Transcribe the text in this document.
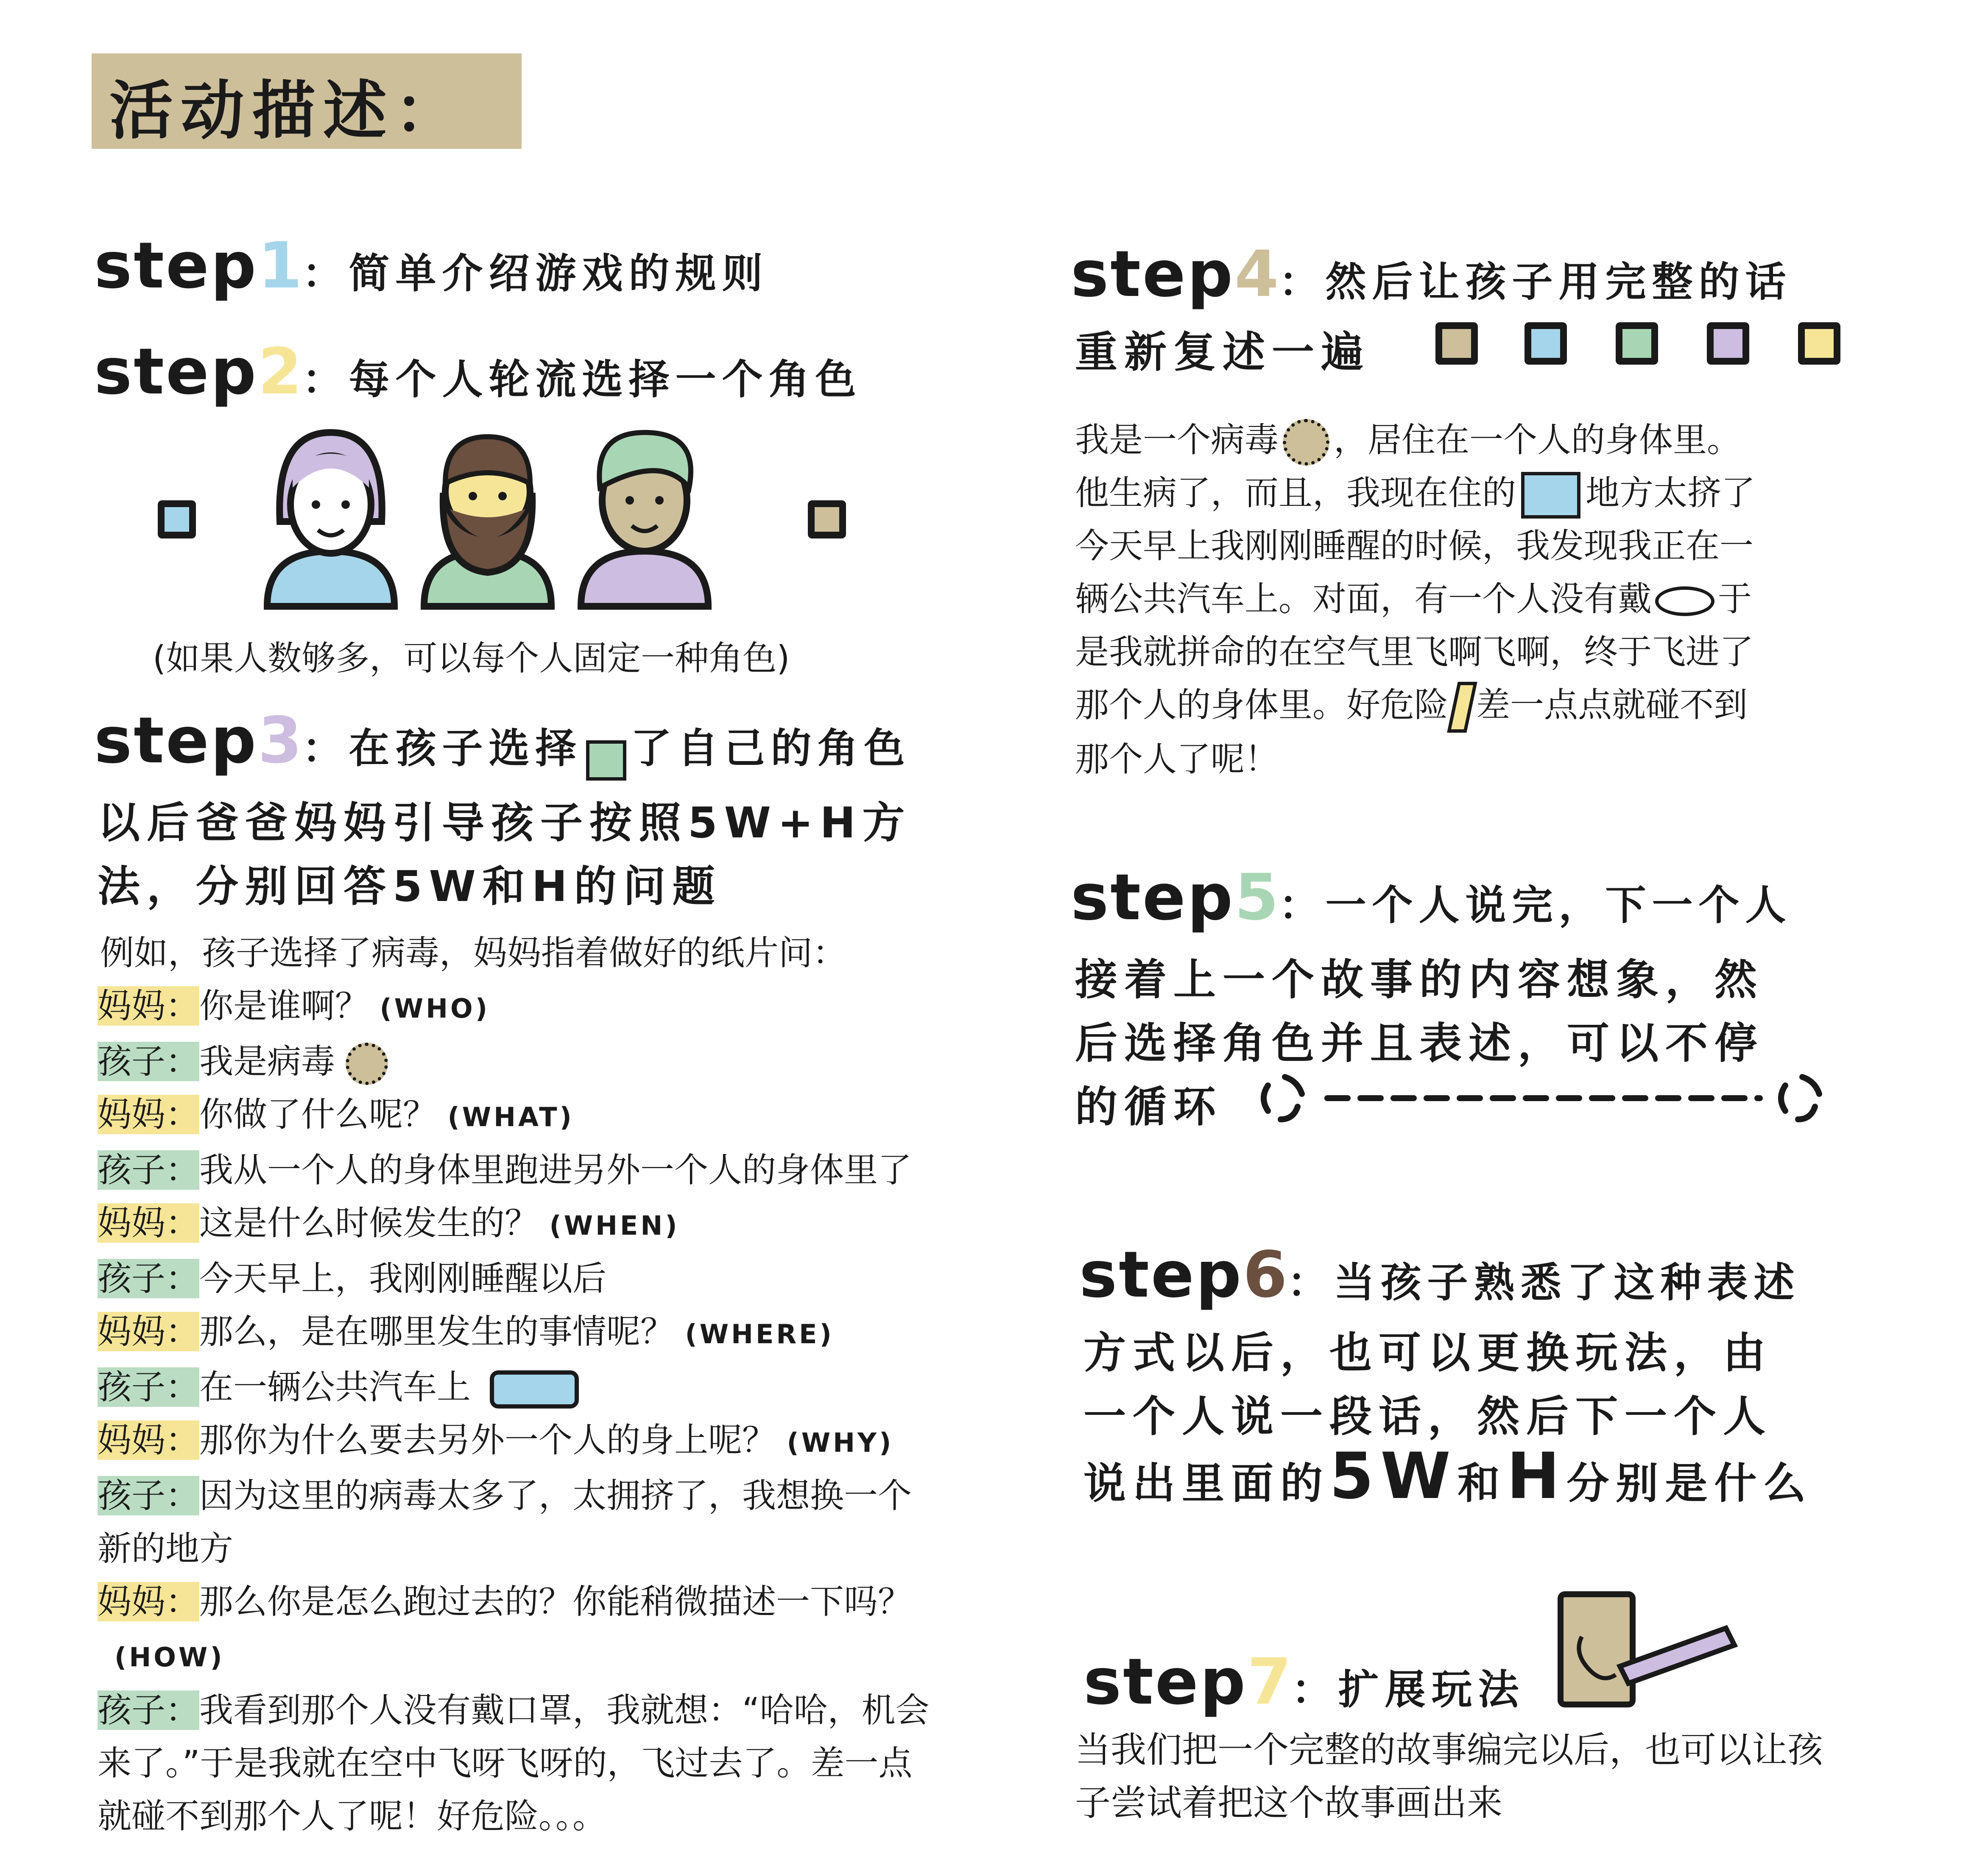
活动描述：
step1：简单介绍游戏的规则
step2：每个人轮流选择一个角色
(如果人数够多，可以每个人固定一种角色)
step3：在孩子选择 了自己的角色
以后爸爸妈妈引导孩子按照5W+H方
法，分别回答5W和H的问题
例如，孩子选择了病毒，妈妈指着做好的纸片问：
妈妈：你是谁啊？ (WHO)
孩子：我是病毒
妈妈：你做了什么呢？ (WHAT)
孩子：我从一个人的身体里跑进另外一个人的身体里了
妈妈：这是什么时候发生的？ (WHEN)
孩子：今天早上，我刚刚睡醒以后
妈妈：那么，是在哪里发生的事情呢？ (WHERE)
孩子：在一辆公共汽车上
妈妈：那你为什么要去另外一个人的身上呢？ (WHY)
孩子：因为这里的病毒太多了，太拥挤了，我想换一个
新的地方
妈妈：那么你是怎么跑过去的？你能稍微描述一下吗？
(HOW)
孩子：我看到那个人没有戴口罩，我就想：“哈哈，机会
来了。”于是我就在空中飞呀飞呀的，飞过去了。差一点
就碰不到那个人了呢！好危险。。。
step4：然后让孩子用完整的话
重新复述一遍
我是一个病毒 ，居住在一个人的身体里。
他生病了，而且，我现在住的 地方太挤了
今天早上我刚刚睡醒的时候，我发现我正在一
辆公共汽车上。对面，有一个人没有戴 于
是我就拼命的在空气里飞啊飞啊，终于飞进了
那个人的身体里。好危险 差一点点就碰不到
那个人了呢！
step5：一个人说完，下一个人
接着上一个故事的内容想象，然
后选择角色并且表述，可以不停
的循环
step6：当孩子熟悉了这种表述
方式以后，也可以更换玩法，由
一个人说一段话，然后下一个人
说出里面的5W和H分别是什么
step7：扩展玩法
当我们把一个完整的故事编完以后，也可以让孩
子尝试着把这个故事画出来
